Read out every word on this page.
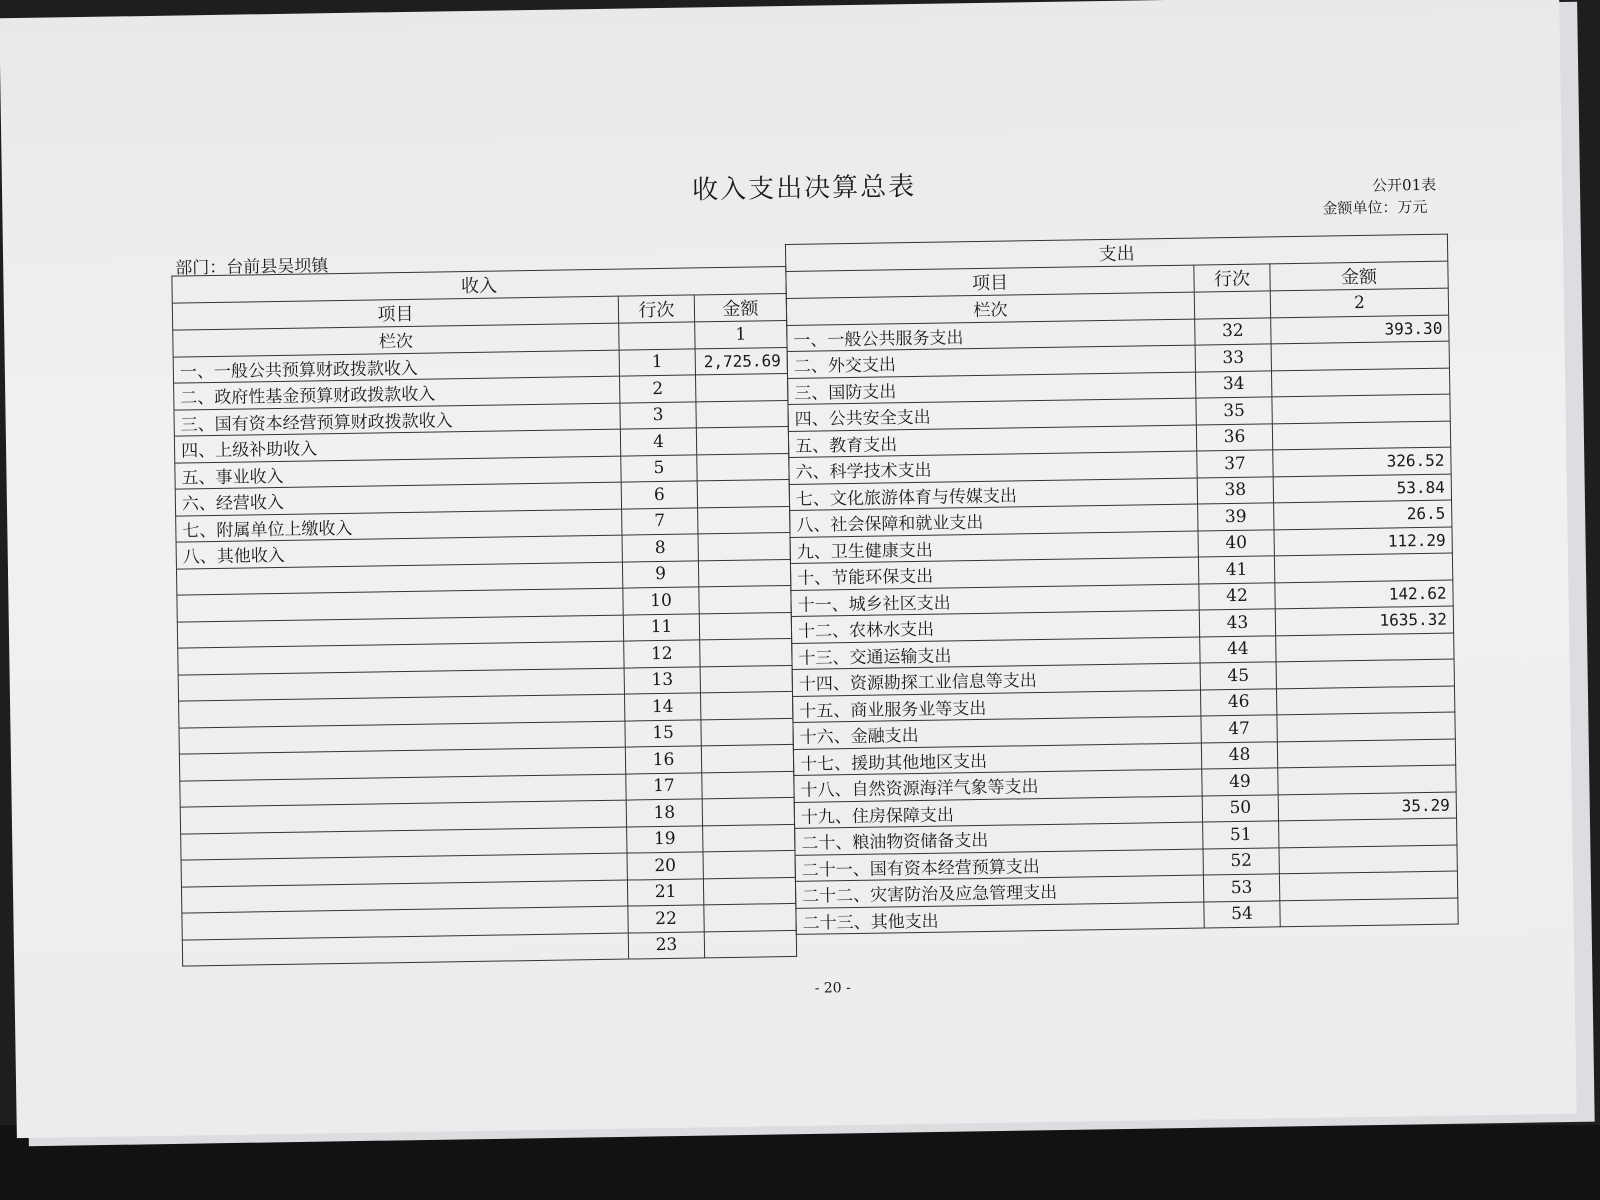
收入支出决算总表	公开01表
金额单位：万元
部门：台前县吴坝镇
收入		
项目	行次	金额
栏次		1
一、一般公共预算财政拨款收入	1	2,725.69
二、政府性基金预算财政拨款收入	2	
三、国有资本经营预算财政拨款收入	3	
四、上级补助收入	4	
五、事业收入	5	
六、经营收入	6	
七、附属单位上缴收入	7	
八、其他收入	8	
	9	
	10	
	11	
	12	
	13	
	14	
	15	
	16	
	17	
	18	
	19	
	20	
	21	
	22	
	23	
支出		
项目	行次	金额
栏次		2
一、一般公共服务支出	32	393.30
二、外交支出	33	
三、国防支出	34	
四、公共安全支出	35	
五、教育支出	36	
六、科学技术支出	37	326.52
七、文化旅游体育与传媒支出	38	53.84
八、社会保障和就业支出	39	26.5
九、卫生健康支出	40	112.29
十、节能环保支出	41	
十一、城乡社区支出	42	142.62
十二、农林水支出	43	1635.32
十三、交通运输支出	44	
十四、资源勘探工业信息等支出	45	
十五、商业服务业等支出	46	
十六、金融支出	47	
十七、援助其他地区支出	48	
十八、自然资源海洋气象等支出	49	
十九、住房保障支出	50	35.29
二十、粮油物资储备支出	51	
二十一、国有资本经营预算支出	52	
二十二、灾害防治及应急管理支出	53	
二十三、其他支出	54	
- 20 -
